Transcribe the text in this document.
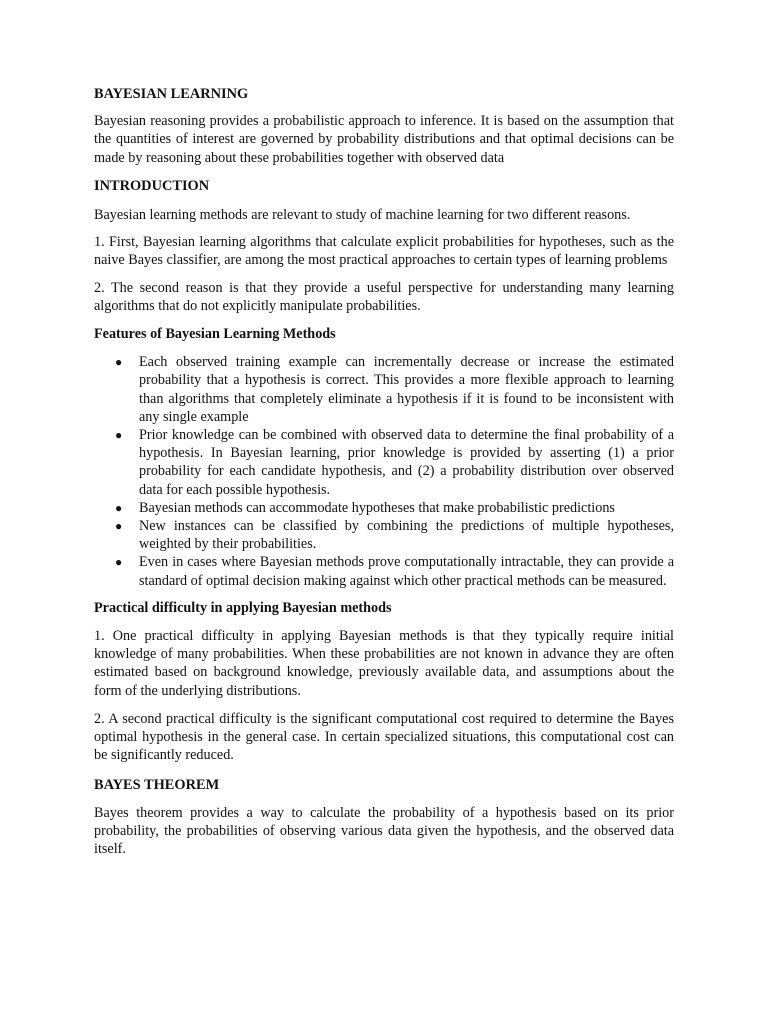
BAYESIAN LEARNING

Bayesian reasoning provides a probabilistic approach to inference. It is based on the assumption that the quantities of interest are governed by probability distributions and that optimal decisions can be made by reasoning about these probabilities together with observed data

INTRODUCTION

Bayesian learning methods are relevant to study of machine learning for two different reasons.

1. First, Bayesian learning algorithms that calculate explicit probabilities for hypotheses, such as the naive Bayes classifier, are among the most practical approaches to certain types of learning problems

2. The second reason is that they provide a useful perspective for understanding many learning algorithms that do not explicitly manipulate probabilities.

Features of Bayesian Learning Methods
● Each observed training example can incrementally decrease or increase the estimated probability that a hypothesis is correct. This provides a more flexible approach to learning than algorithms that completely eliminate a hypothesis if it is found to be inconsistent with any single example
● Prior knowledge can be combined with observed data to determine the final probability of a hypothesis. In Bayesian learning, prior knowledge is provided by asserting (1) a prior probability for each candidate hypothesis, and (2) a probability distribution over observed data for each possible hypothesis.
● Bayesian methods can accommodate hypotheses that make probabilistic predictions
● New instances can be classified by combining the predictions of multiple hypotheses, weighted by their probabilities.
● Even in cases where Bayesian methods prove computationally intractable, they can provide a standard of optimal decision making against which other practical methods can be measured.
Practical difficulty in applying Bayesian methods

1. One practical difficulty in applying Bayesian methods is that they typically require initial knowledge of many probabilities. When these probabilities are not known in advance they are often estimated based on background knowledge, previously available data, and assumptions about the form of the underlying distributions.

2. A second practical difficulty is the significant computational cost required to determine the Bayes optimal hypothesis in the general case. In certain specialized situations, this computational cost can be significantly reduced.

BAYES THEOREM

Bayes theorem provides a way to calculate the probability of a hypothesis based on its prior probability, the probabilities of observing various data given the hypothesis, and the observed data itself.
